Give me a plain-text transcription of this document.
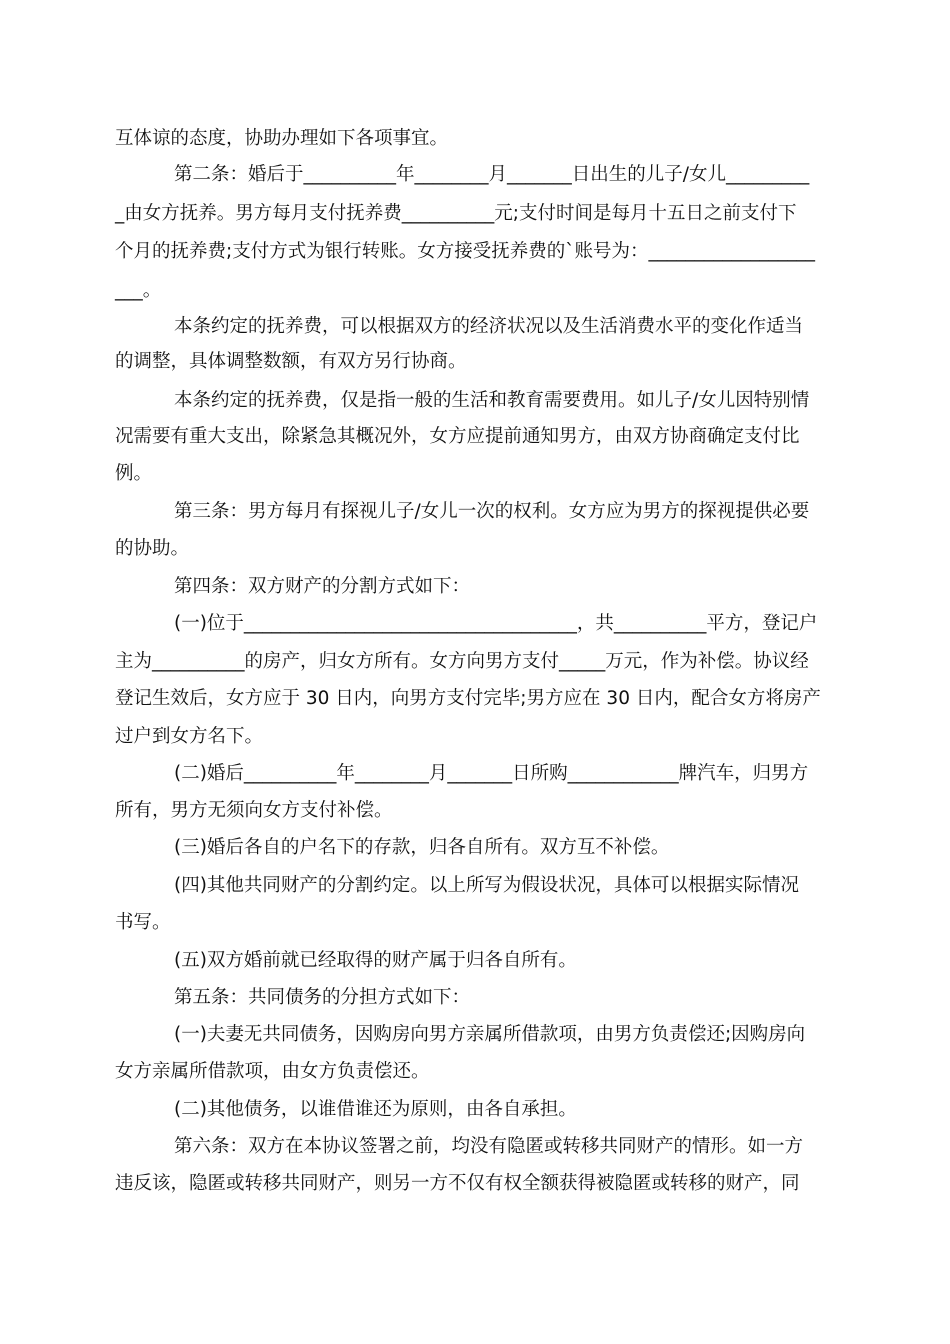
互体谅的态度，协助办理如下各项事宜。
第二条：婚后于__________年________月_______日出生的儿子/女儿_________
_由女方抚养。男方每月支付抚养费__________元;支付时间是每月十五日之前支付下
个月的抚养费;支付方式为银行转账。女方接受抚养费的`账号为：__________________
___。
本条约定的抚养费，可以根据双方的经济状况以及生活消费水平的变化作适当
的调整，具体调整数额，有双方另行协商。
本条约定的抚养费，仅是指一般的生活和教育需要费用。如儿子/女儿因特别情
况需要有重大支出，除紧急其概况外，女方应提前通知男方，由双方协商确定支付比
例。
第三条：男方每月有探视儿子/女儿一次的权利。女方应为男方的探视提供必要
的协助。
第四条：双方财产的分割方式如下：
(一)位于____________________________________，共__________平方，登记户
主为__________的房产，归女方所有。女方向男方支付_____万元，作为补偿。协议经
登记生效后，女方应于 30 日内，向男方支付完毕;男方应在 30 日内，配合女方将房产
过户到女方名下。
(二)婚后__________年________月_______日所购____________牌汽车，归男方
所有，男方无须向女方支付补偿。
(三)婚后各自的户名下的存款，归各自所有。双方互不补偿。
(四)其他共同财产的分割约定。以上所写为假设状况，具体可以根据实际情况
书写。
(五)双方婚前就已经取得的财产属于归各自所有。
第五条：共同债务的分担方式如下：
(一)夫妻无共同债务，因购房向男方亲属所借款项，由男方负责偿还;因购房向
女方亲属所借款项，由女方负责偿还。
(二)其他债务，以谁借谁还为原则，由各自承担。
第六条：双方在本协议签署之前，均没有隐匿或转移共同财产的情形。如一方
违反该，隐匿或转移共同财产，则另一方不仅有权全额获得被隐匿或转移的财产，同
